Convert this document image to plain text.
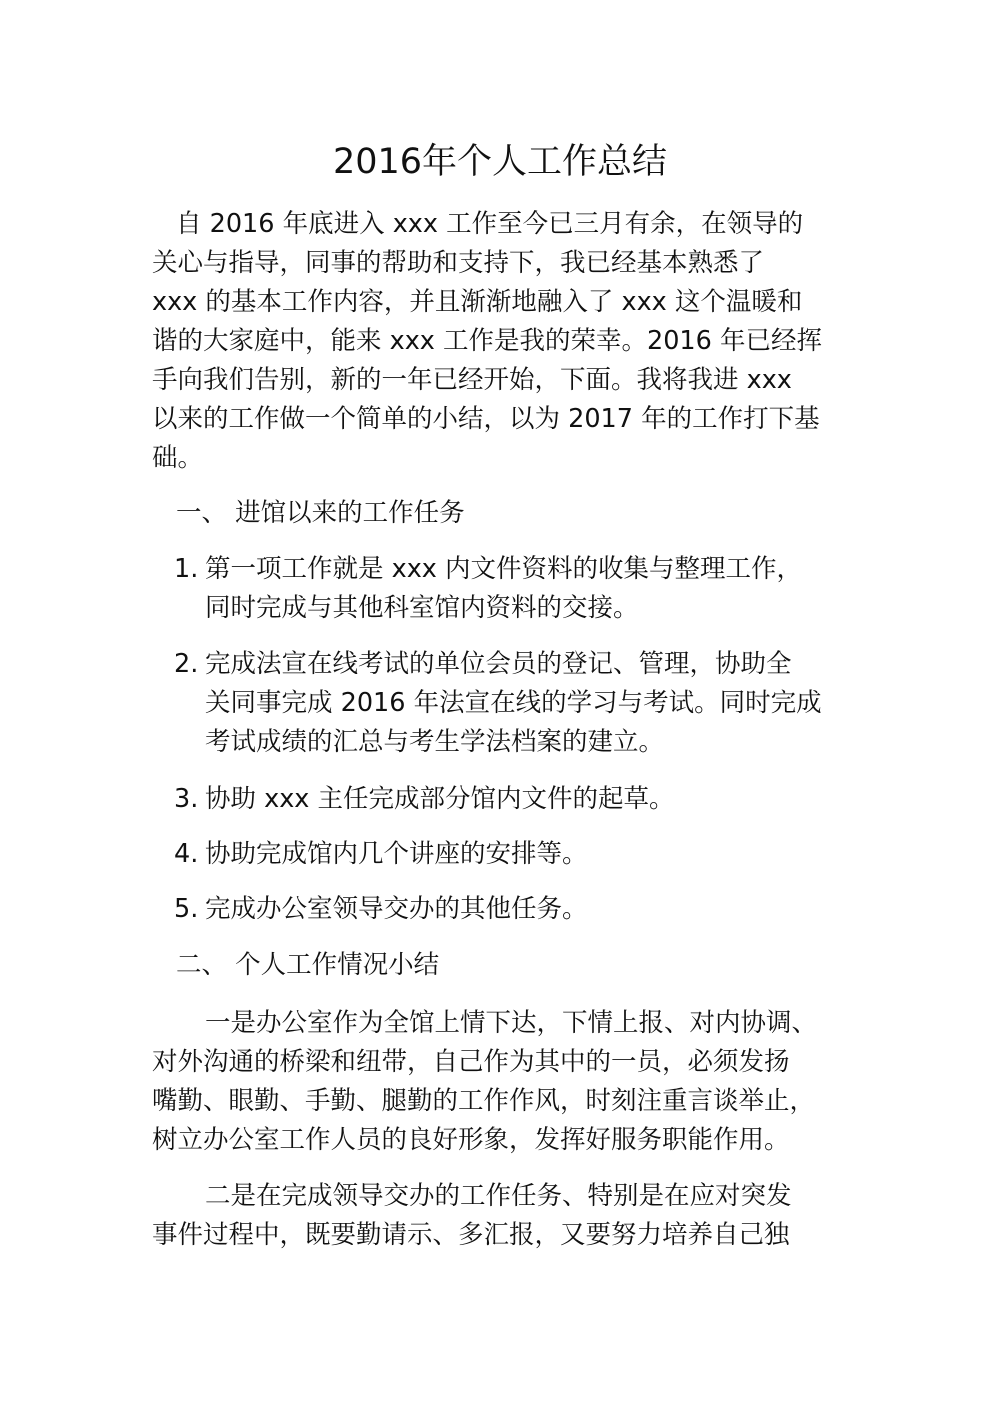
2016年个人工作总结
自 2016 年底进入 xxx 工作至今已三月有余，在领导的
关心与指导，同事的帮助和支持下，我已经基本熟悉了
xxx 的基本工作内容，并且渐渐地融入了 xxx 这个温暖和
谐的大家庭中，能来 xxx 工作是我的荣幸。2016 年已经挥
手向我们告别，新的一年已经开始，下面。我将我进 xxx
以来的工作做一个简单的小结，以为 2017 年的工作打下基
础。
一、 进馆以来的工作任务
1. 第一项工作就是 xxx 内文件资料的收集与整理工作，
同时完成与其他科室馆内资料的交接。
2. 完成法宣在线考试的单位会员的登记、管理，协助全
关同事完成 2016 年法宣在线的学习与考试。同时完成
考试成绩的汇总与考生学法档案的建立。
3. 协助 xxx 主任完成部分馆内文件的起草。
4. 协助完成馆内几个讲座的安排等。
5. 完成办公室领导交办的其他任务。
二、 个人工作情况小结
一是办公室作为全馆上情下达，下情上报、对内协调、
对外沟通的桥梁和纽带，自己作为其中的一员，必须发扬
嘴勤、眼勤、手勤、腿勤的工作作风，时刻注重言谈举止，
树立办公室工作人员的良好形象，发挥好服务职能作用。
二是在完成领导交办的工作任务、特别是在应对突发
事件过程中，既要勤请示、多汇报，又要努力培养自己独
